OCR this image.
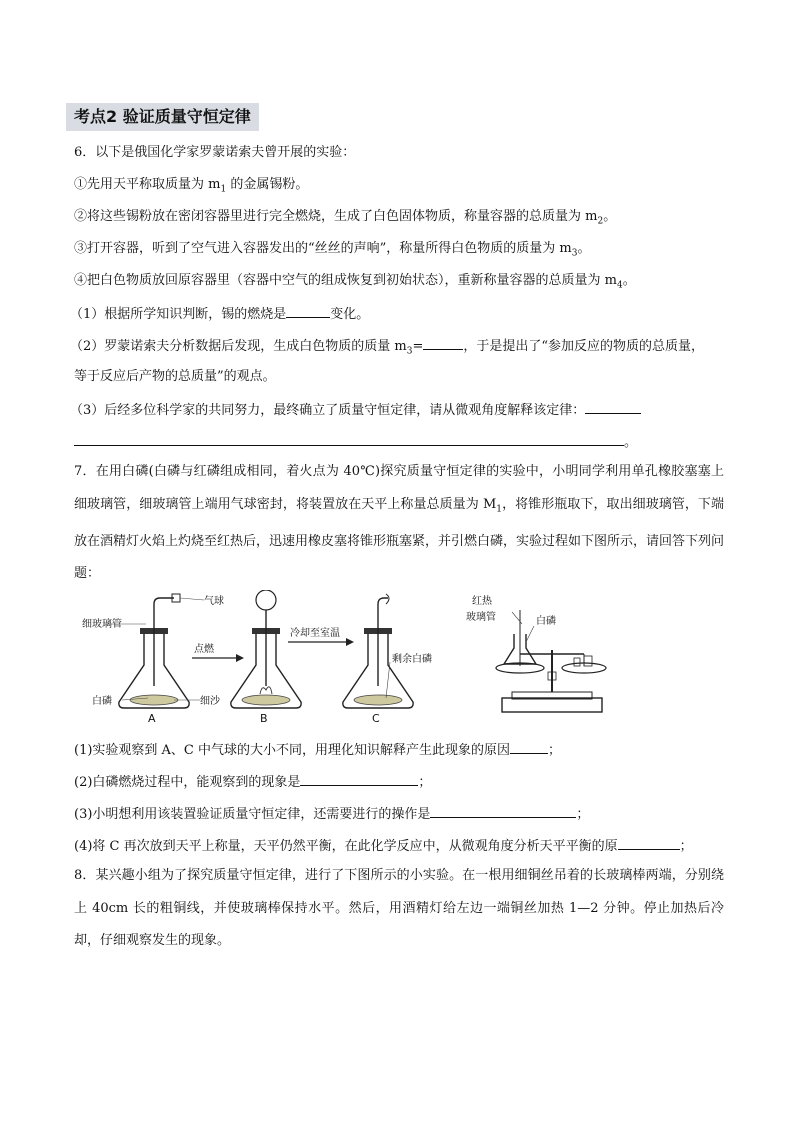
考点2 验证质量守恒定律
6．以下是俄国化学家罗蒙诺索夫曾开展的实验：
①先用天平称取质量为 $m_1$ 的金属锡粉。
②将这些锡粉放在密闭容器里进行完全燃烧，生成了白色固体物质，称量容器的总质量为 $m_2$。
③打开容器，听到了空气进入容器发出的“丝丝的声响”，称量所得白色物质的质量为 $m_3$。
④把白色物质放回原容器里（容器中空气的组成恢复到初始状态），重新称量容器的总质量为 $m_4$。
（1）根据所学知识判断，锡的燃烧是	变化。
（2）罗蒙诺索夫分析数据后发现，生成白色物质的质量 $m_3=$	，于是提出了“参加反应的物质的总质量，
等于反应后产物的总质量”的观点。
（3）后经多位科学家的共同努力，最终确立了质量守恒定律，请从微观角度解释该定律：
。
7．在用白磷(白磷与红磷组成相同，着火点为 40℃)探究质量守恒定律的实验中，小明同学利用单孔橡胶塞塞上细玻璃管，细玻璃管上端用气球密封，将装置放在天平上称量总质量为 $M_1$，将锥形瓶取下，取出细玻璃管，下端放在酒精灯火焰上灼烧至红热后，迅速用橡皮塞将锥形瓶塞紧，并引燃白磷，实验过程如下图所示，请回答下列问题：
细玻璃管
气球
白磷	细沙
A
点燃
B
冷却至室温
剩余白磷
C
红热
玻璃管	白磷
(1)实验观察到 A、C 中气球的大小不同，用理化知识解释产生此现象的原因	；
(2)白磷燃烧过程中，能观察到的现象是	；
(3)小明想利用该装置验证质量守恒定律，还需要进行的操作是	；
(4)将 C 再次放到天平上称量，天平仍然平衡，在此化学反应中，从微观角度分析天平平衡的原	；
8．某兴趣小组为了探究质量守恒定律，进行了下图所示的小实验。在一根用细铜丝吊着的长玻璃棒两端，分别绕上 40cm 长的粗铜线，并使玻璃棒保持水平。然后，用酒精灯给左边一端铜丝加热 1—2 分钟。停止加热后冷却，仔细观察发生的现象。
